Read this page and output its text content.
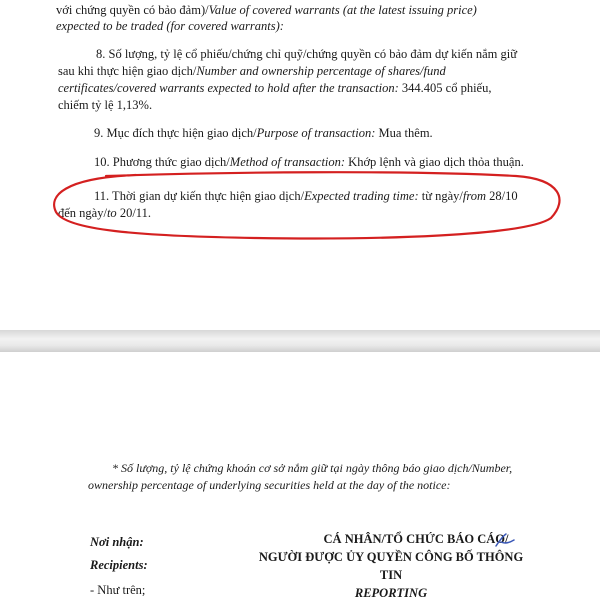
với chứng quyền có bảo đảm)/Value of covered warrants (at the latest issuing price)
expected to be traded (for covered warrants):
8. Số lượng, tỷ lệ cổ phiếu/chứng chỉ quỹ/chứng quyền có bảo đảm dự kiến nắm giữ
sau khi thực hiện giao dịch/Number and ownership percentage of shares/fund
certificates/covered warrants expected to hold after the transaction: 344.405 cổ phiếu,
chiếm tỷ lệ 1,13%.
9. Mục đích thực hiện giao dịch/Purpose of transaction: Mua thêm.
10. Phương thức giao dịch/Method of transaction: Khớp lệnh và giao dịch thỏa thuận.
11. Thời gian dự kiến thực hiện giao dịch/Expected trading time: từ ngày/from 28/10
đến ngày/to 20/11.
* Số lượng, tỷ lệ chứng khoán cơ sở nắm giữ tại ngày thông báo giao dịch/Number,
ownership percentage of underlying securities held at the day of the notice:
Nơi nhận:
Recipients:
- Như trên;
CÁ NHÂN/TỔ CHỨC BÁO CÁO/
NGƯỜI ĐƯỢC ỦY QUYỀN CÔNG BỐ THÔNG
TIN
REPORTING
